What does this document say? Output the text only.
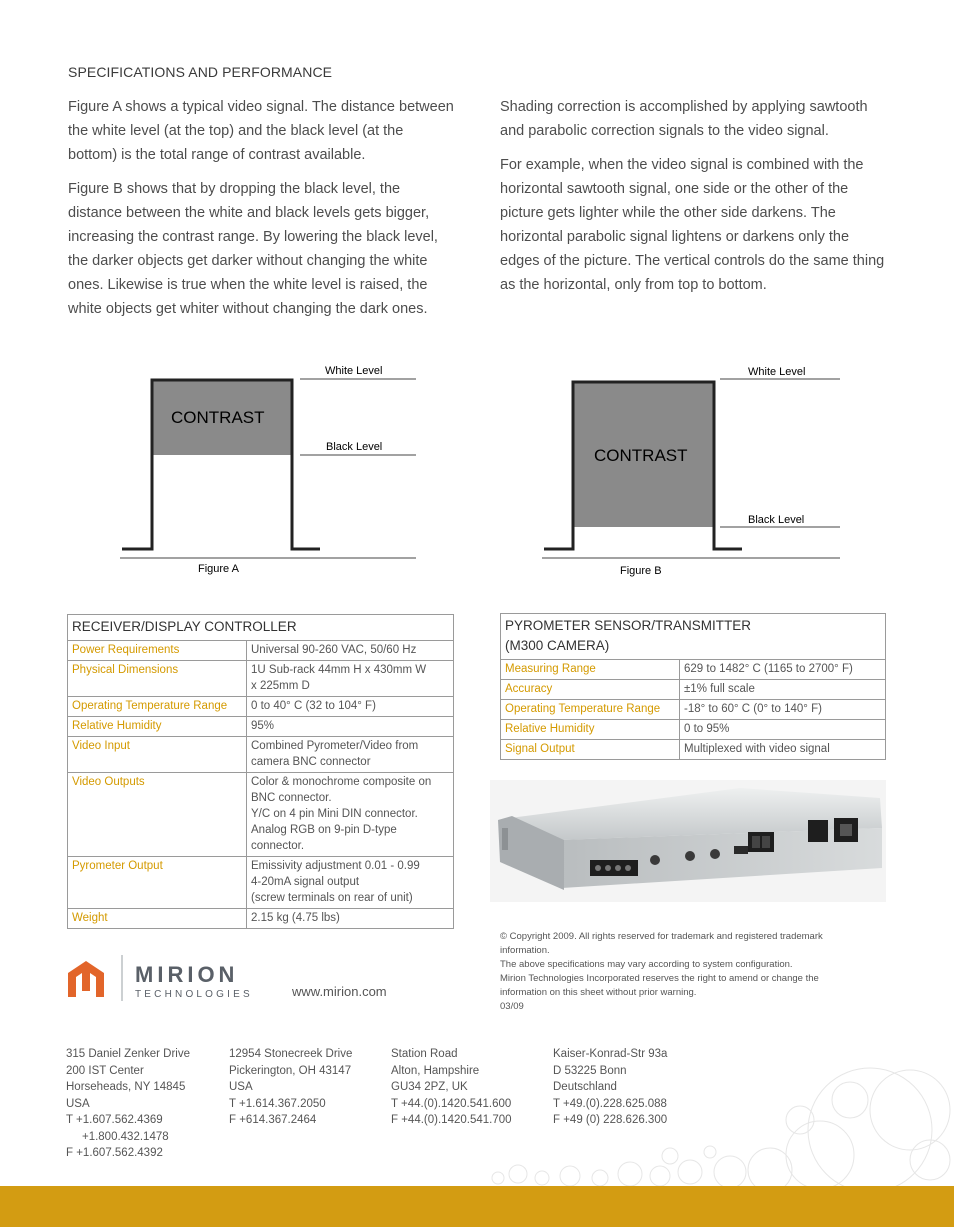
SPECIFICATIONS AND PERFORMANCE

Figure A shows a typical video signal. The distance between the white level (at the top) and the black level (at the bottom) is the total range of contrast available.

Figure B shows that by dropping the black level, the distance between the white and black levels gets bigger, increasing the contrast range. By lowering the black level, the darker objects get darker without changing the white ones. Likewise is true when the white level is raised, the white objects get whiter without changing the dark ones.

Shading correction is accomplished by applying sawtooth and parabolic correction signals to the video signal.

For example, when the video signal is combined with the horizontal sawtooth signal, one side or the other of the picture gets lighter while the other side darkens. The horizontal parabolic signal lightens or darkens only the edges of the picture. The vertical controls do the same thing as the horizontal, only from top to bottom.

CONTRAST
White Level
Black Level
Figure A
CONTRAST
White Level
Black Level
Figure B
RECEIVER/DISPLAY CONTROLLER	
Power Requirements	Universal 90-260 VAC, 50/60 Hz

Physical Dimensions	1U Sub-rack 44mm H x 430mm W
x 225mm D

Operating Temperature Range	0 to 40° C (32 to 104° F)

Relative Humidity	95%

Video Input	Combined Pyrometer/Video from
camera BNC connector

Video Outputs	Color & monochrome composite on
BNC connector.
Y/C on 4 pin Mini DIN connector.
Analog RGB on 9-pin D-type
connector.

Pyrometer Output	Emissivity adjustment 0.01 - 0.99
4-20mA signal output
(screw terminals on rear of unit)

Weight	2.15 kg (4.75 lbs)
PYROMETER SENSOR/TRANSMITTER
(M300 CAMERA)	

Measuring Range	629 to 1482° C (1165 to 2700° F)

Accuracy	±1% full scale

Operating Temperature Range	-18° to 60° C (0° to 140° F)

Relative Humidity	0 to 95%

Signal Output	Multiplexed with video signal
© Copyright 2009. All rights reserved for trademark and registered trademark
information.
The above specifications may vary according to system configuration.
Mirion Technologies Incorporated reserves the right to amend or change the
information on this sheet without prior warning.
03/09
MIRION
TECHNOLOGIES	www.mirion.com
315 Daniel Zenker Drive
200 IST Center
Horseheads, NY 14845
USA
T +1.607.562.4369
+1.800.432.1478
F +1.607.562.4392
12954 Stonecreek Drive
Pickerington, OH 43147
USA
T +1.614.367.2050
F +614.367.2464
Station Road
Alton, Hampshire
GU34 2PZ, UK
T +44.(0).1420.541.600
F +44.(0).1420.541.700
Kaiser-Konrad-Str 93a
D 53225 Bonn
Deutschland
T +49.(0).228.625.088
F +49 (0) 228.626.300
